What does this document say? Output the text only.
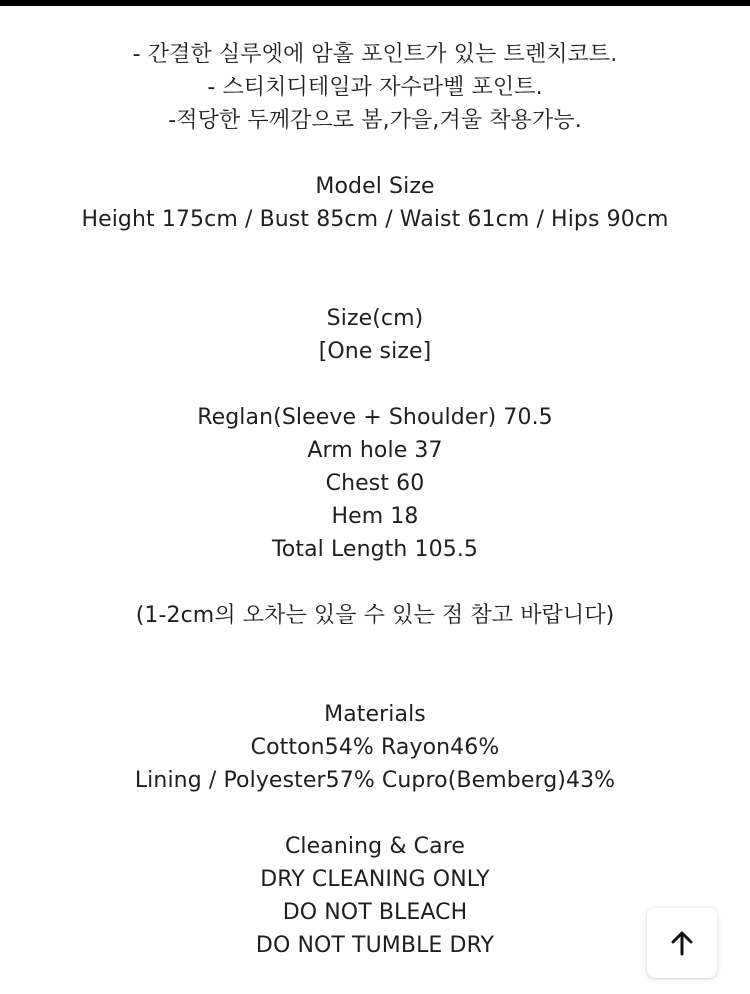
- 간결한 실루엣에 암홀 포인트가 있는 트렌치코트.
- 스티치디테일과 자수라벨 포인트.
-적당한 두께감으로 봄,가을,겨울 착용가능.
Model Size
Height 175cm / Bust 85cm / Waist 61cm / Hips 90cm
Size(cm)
[One size]
Reglan(Sleeve + Shoulder) 70.5
Arm hole 37
Chest 60
Hem 18
Total Length 105.5
(1-2cm의 오차는 있을 수 있는 점 참고 바랍니다)
Materials
Cotton54% Rayon46%
Lining / Polyester57% Cupro(Bemberg)43%
Cleaning & Care
DRY CLEANING ONLY
DO NOT BLEACH
DO NOT TUMBLE DRY
